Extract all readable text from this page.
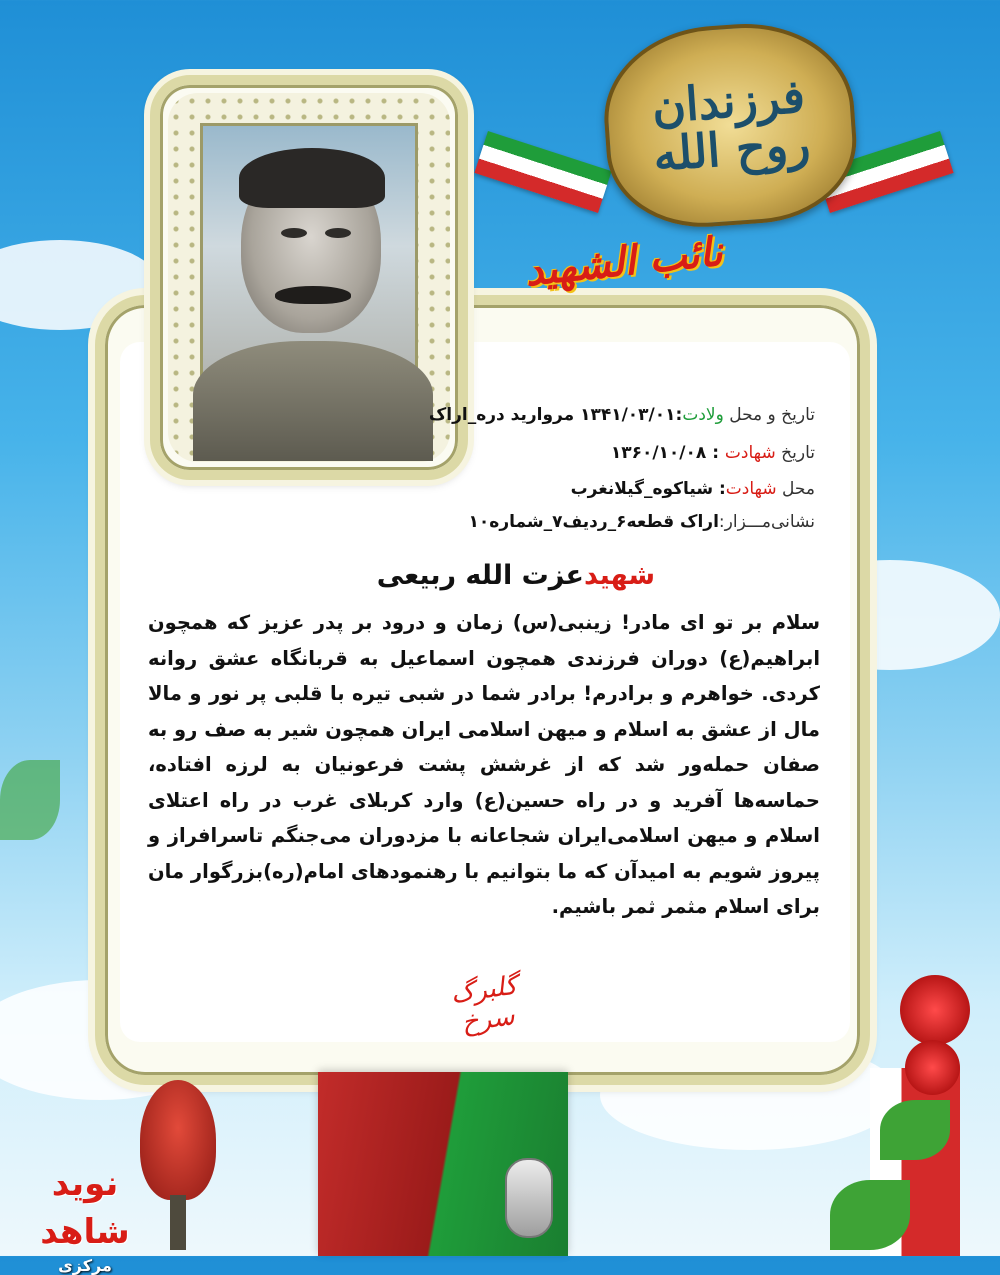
فرزندان روح الله
نائب الشهید
تاریخ و محل ولادت:۱۳۴۱/۰۳/۰۱ مروارید دره_اراک
تاریخ شهادت : ۱۳۶۰/۱۰/۰۸
محل شهادت: شیاکوه_گیلانغرب
نشانی‌مـــزار:اراک قطعه۶_ردیف۷_شماره۱۰
شهیدعزت الله ربیعی
سلام بر تو ای مادر! زینبی(س) زمان و درود بر پدر عزیز که همچون ابراهیم(ع) دوران فرزندی همچون اسماعیل به قربانگاه عشق روانه کردی. خواهرم و برادرم! برادر شما در شبی تیره با قلبی پر نور و مالا مال از عشق به اسلام و میهن اسلامی ایران همچون شیر به صف رو به صفان حمله‌ور شد که از غرشش پشت فرعونیان به لرزه افتاده، حماسه‌ها آفرید و در راه حسین(ع) وارد کربلای غرب در راه اعتلای اسلام و میهن اسلامی‌ایران شجاعانه با مزدوران می‌جنگم تاسرافراز و پیروز شویم به امیدآن که ما بتوانیم با رهنمودهای امام(ره)بزرگوار مان برای اسلام مثمر ثمر باشیم.
گلبرگ سرخ
نوید شاهد
مرکزی
